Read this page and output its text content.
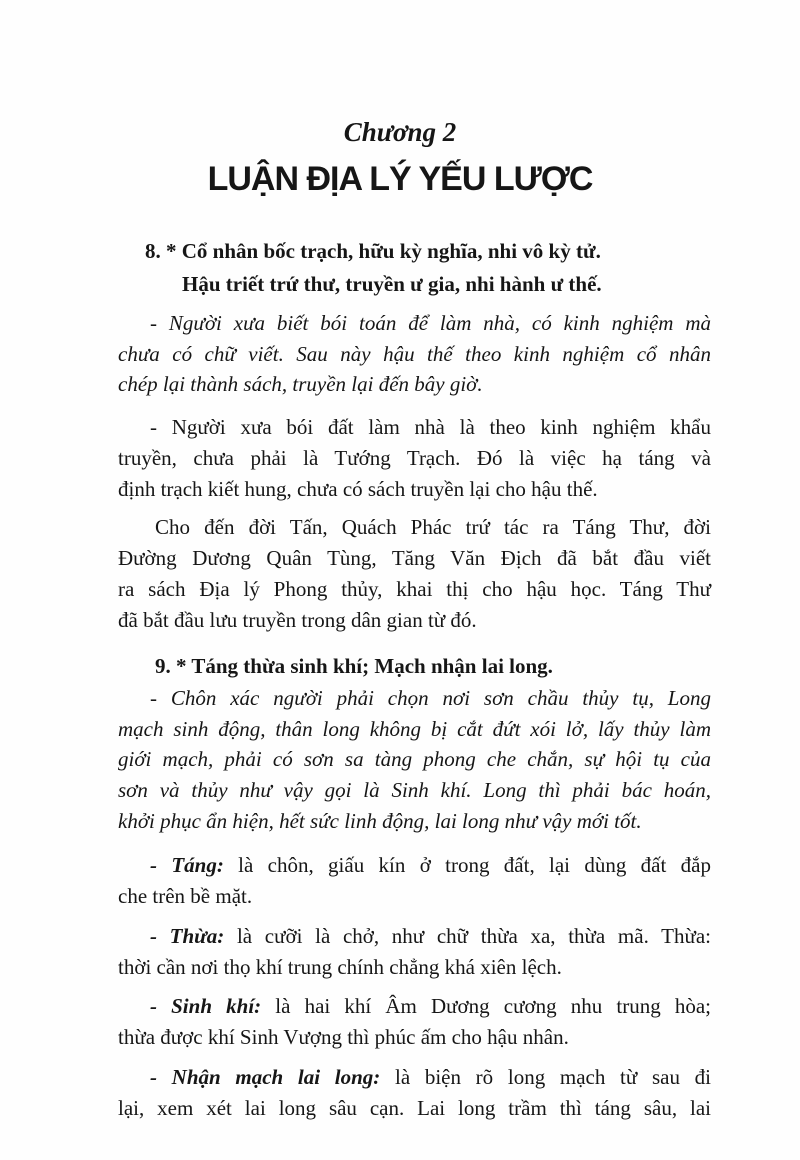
Chương 2
LUẬN ĐỊA LÝ YẾU LƯỢC
8. * Cổ nhân bốc trạch, hữu kỳ nghĩa, nhi vô kỳ tử.
Hậu triết trứ thư, truyền ư gia, nhi hành ư thế.
- Người xưa biết bói toán để làm nhà, có kinh nghiệm mà
chưa có chữ viết. Sau này hậu thế theo kinh nghiệm cổ nhân
chép lại thành sách, truyền lại đến bây giờ.
- Người xưa bói đất làm nhà là theo kinh nghiệm khẩu
truyền, chưa phải là Tướng Trạch. Đó là việc hạ táng và
định trạch kiết hung, chưa có sách truyền lại cho hậu thế.
Cho đến đời Tấn, Quách Phác trứ tác ra Táng Thư, đời
Đường Dương Quân Tùng, Tăng Văn Địch đã bắt đầu viết
ra sách Địa lý Phong thủy, khai thị cho hậu học. Táng Thư
đã bắt đầu lưu truyền trong dân gian từ đó.
9. * Táng thừa sinh khí; Mạch nhận lai long.
- Chôn xác người phải chọn nơi sơn chầu thủy tụ, Long
mạch sinh động, thân long không bị cắt đứt xói lở, lấy thủy làm
giới mạch, phải có sơn sa tàng phong che chắn, sự hội tụ của
sơn và thủy như vậy gọi là Sinh khí. Long thì phải bác hoán,
khởi phục ẩn hiện, hết sức linh động, lai long như vậy mới tốt.
- Táng: là chôn, giấu kín ở trong đất, lại dùng đất đắp
che trên bề mặt.
- Thừa: là cưỡi là chở, như chữ thừa xa, thừa mã. Thừa:
thời cần nơi thọ khí trung chính chẳng khá xiên lệch.
- Sinh khí: là hai khí Âm Dương cương nhu trung hòa;
thừa được khí Sinh Vượng thì phúc ấm cho hậu nhân.
- Nhận mạch lai long: là biện rõ long mạch từ sau đi
lại, xem xét lai long sâu cạn. Lai long trầm thì táng sâu, lai
